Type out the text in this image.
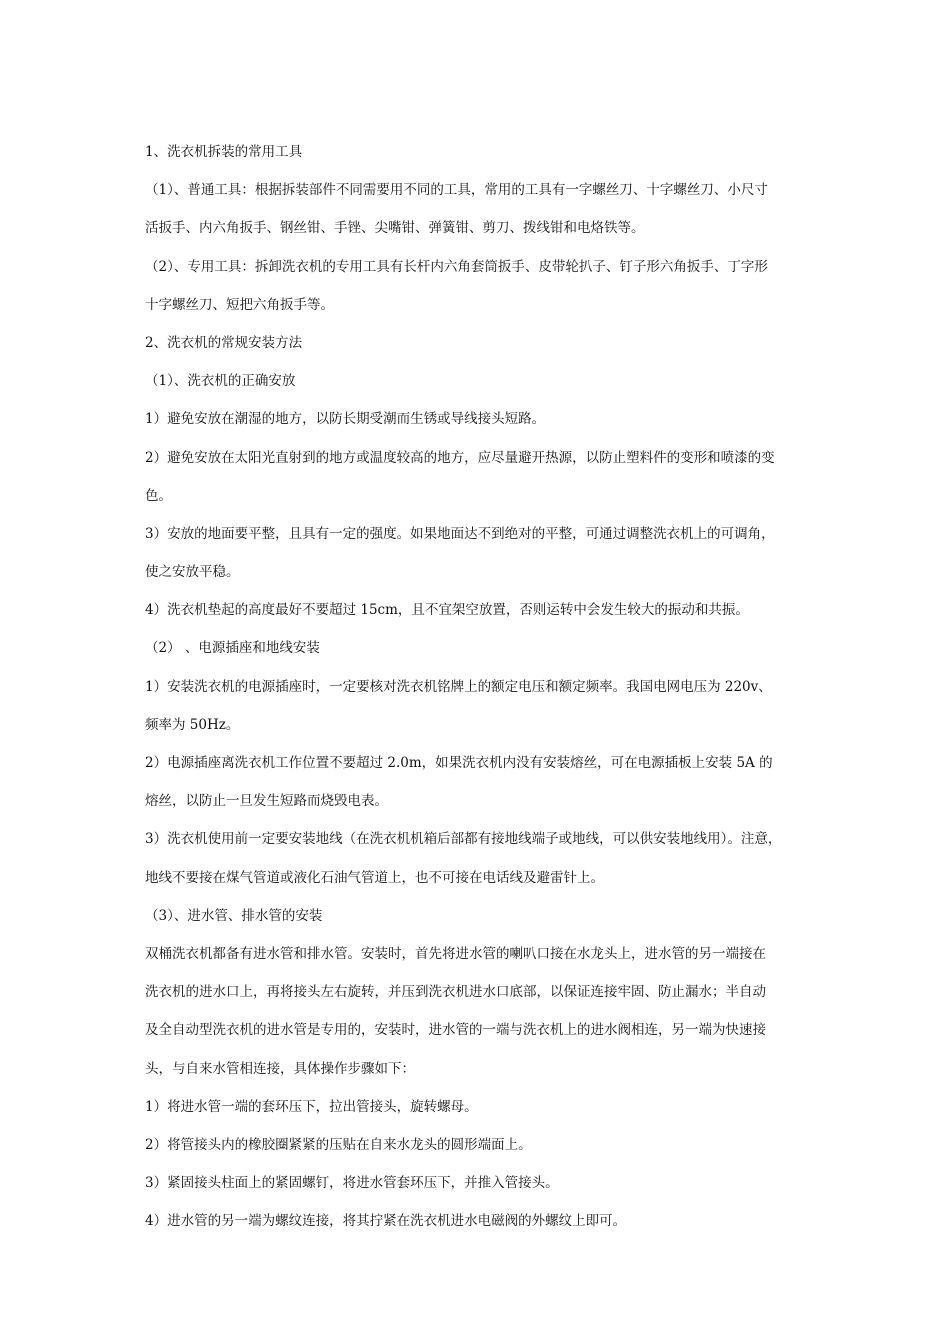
1、洗衣机拆装的常用工具
（1）、普通工具：根据拆装部件不同需要用不同的工具，常用的工具有一字螺丝刀、十字螺丝刀、小尺寸
活扳手、内六角扳手、钢丝钳、手锉、尖嘴钳、弹簧钳、剪刀、拨线钳和电烙铁等。
（2）、专用工具：拆卸洗衣机的专用工具有长杆内六角套筒扳手、皮带轮扒子、钉子形六角扳手、丁字形
十字螺丝刀、短把六角扳手等。
2、洗衣机的常规安装方法
（1）、洗衣机的正确安放
1）避免安放在潮湿的地方，以防长期受潮而生锈或导线接头短路。
2）避免安放在太阳光直射到的地方或温度较高的地方，应尽量避开热源，以防止塑料件的变形和喷漆的变
色。
3）安放的地面要平整，且具有一定的强度。如果地面达不到绝对的平整，可通过调整洗衣机上的可调角，
使之安放平稳。
4）洗衣机垫起的高度最好不要超过 15cm，且不宜架空放置，否则运转中会发生较大的振动和共振。
（2） 、电源插座和地线安装
1）安装洗衣机的电源插座时，一定要核对洗衣机铭牌上的额定电压和额定频率。我国电网电压为 220v、
频率为 50Hz。
2）电源插座离洗衣机工作位置不要超过 2.0m，如果洗衣机内没有安装熔丝，可在电源插板上安装 5A 的
熔丝，以防止一旦发生短路而烧毁电表。
3）洗衣机使用前一定要安装地线（在洗衣机机箱后部都有接地线端子或地线，可以供安装地线用）。注意，
地线不要接在煤气管道或液化石油气管道上，也不可接在电话线及避雷针上。
（3）、进水管、排水管的安装
双桶洗衣机都备有进水管和排水管。安装时，首先将进水管的喇叭口接在水龙头上，进水管的另一端接在
洗衣机的进水口上，再将接头左右旋转，并压到洗衣机进水口底部，以保证连接牢固、防止漏水；半自动
及全自动型洗衣机的进水管是专用的，安装时，进水管的一端与洗衣机上的进水阀相连，另一端为快速接
头，与自来水管相连接，具体操作步骤如下：
1）将进水管一端的套环压下，拉出管接头，旋转螺母。
2）将管接头内的橡胶圈紧紧的压贴在自来水龙头的圆形端面上。
3）紧固接头柱面上的紧固螺钉，将进水管套环压下，并推入管接头。
4）进水管的另一端为螺纹连接，将其拧紧在洗衣机进水电磁阀的外螺纹上即可。
